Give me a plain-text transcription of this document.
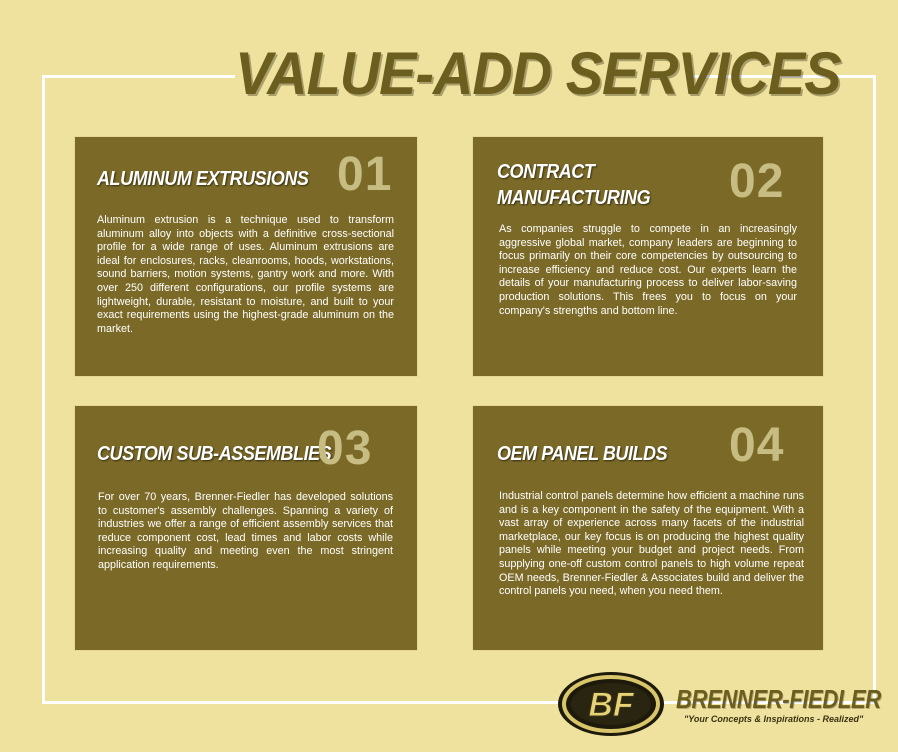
VALUE-ADD SERVICES
ALUMINUM EXTRUSIONS 01
Aluminum extrusion is a technique used to transform aluminum alloy into objects with a definitive cross-sectional profile for a wide range of uses. Aluminum extrusions are ideal for enclosures, racks, cleanrooms, hoods, workstations, sound barriers, motion systems, gantry work and more. With over 250 different configurations, our profile systems are lightweight, durable, resistant to moisture, and built to your exact requirements using the highest-grade aluminum on the market.
CONTRACT
MANUFACTURING 02
As companies struggle to compete in an increasingly aggressive global market, company leaders are beginning to focus primarily on their core competencies by outsourcing to increase efficiency and reduce cost. Our experts learn the details of your manufacturing process to deliver labor-saving production solutions. This frees you to focus on your company's strengths and bottom line.
CUSTOM SUB-ASSEMBLIES
03
For over 70 years, Brenner-Fiedler has developed solutions to customer's assembly challenges. Spanning a variety of industries we offer a range of efficient assembly services that reduce component cost, lead times and labor costs while increasing quality and meeting even the most stringent application requirements.
OEM PANEL BUILDS 04
Industrial control panels determine how efficient a machine runs and is a key component in the safety of the equipment. With a vast array of experience across many facets of the industrial marketplace, our key focus is on producing the highest quality panels while meeting your budget and project needs. From supplying one-off custom control panels to high volume repeat OEM needs, Brenner-Fiedler & Associates build and deliver the control panels you need, when you need them.
BF BRENNER-FIEDLER
"Your Concepts & Inspirations - Realized"
